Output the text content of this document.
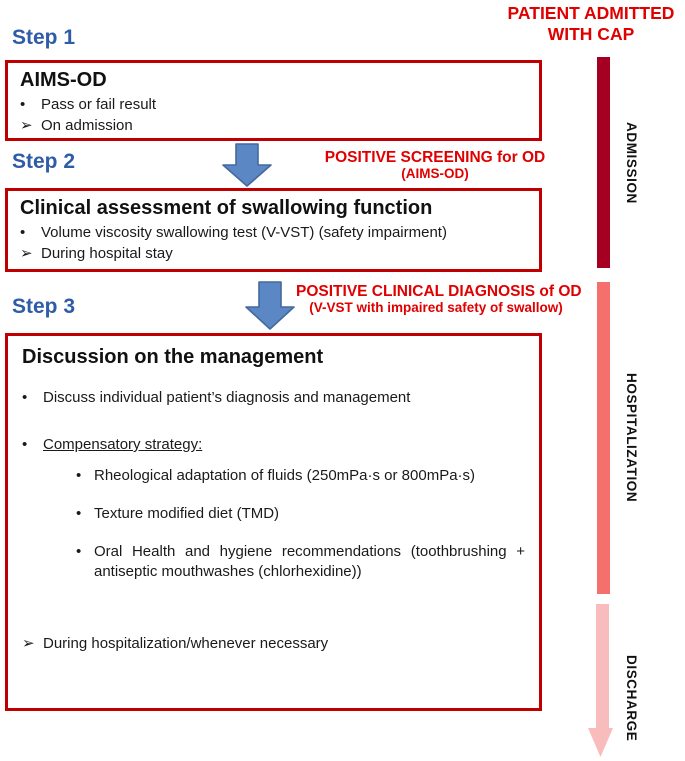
PATIENT ADMITTED
WITH CAP
Step 1
Step 2
Step 3
AIMS-OD
•	Pass or fail result
➢ On admission
POSITIVE SCREENING for OD
(AIMS-OD)
Clinical assessment of swallowing function
•	Volume viscosity swallowing test (V-VST) (safety impairment)
➢ During hospital stay
POSITIVE CLINICAL DIAGNOSIS of OD
(V-VST with impaired safety of swallow)
Discussion on the management
•	Discuss individual patient’s diagnosis and management
•	Compensatory strategy:
• Rheological adaptation of fluids (250mPa·s or 800mPa·s)
• Texture modified diet (TMD)
• Oral Health and hygiene recommendations (toothbrushing + antiseptic mouthwashes (chlorhexidine))
➢ During hospitalization/whenever necessary
ADMISSION
HOSPITALIZATION
DISCHARGE
